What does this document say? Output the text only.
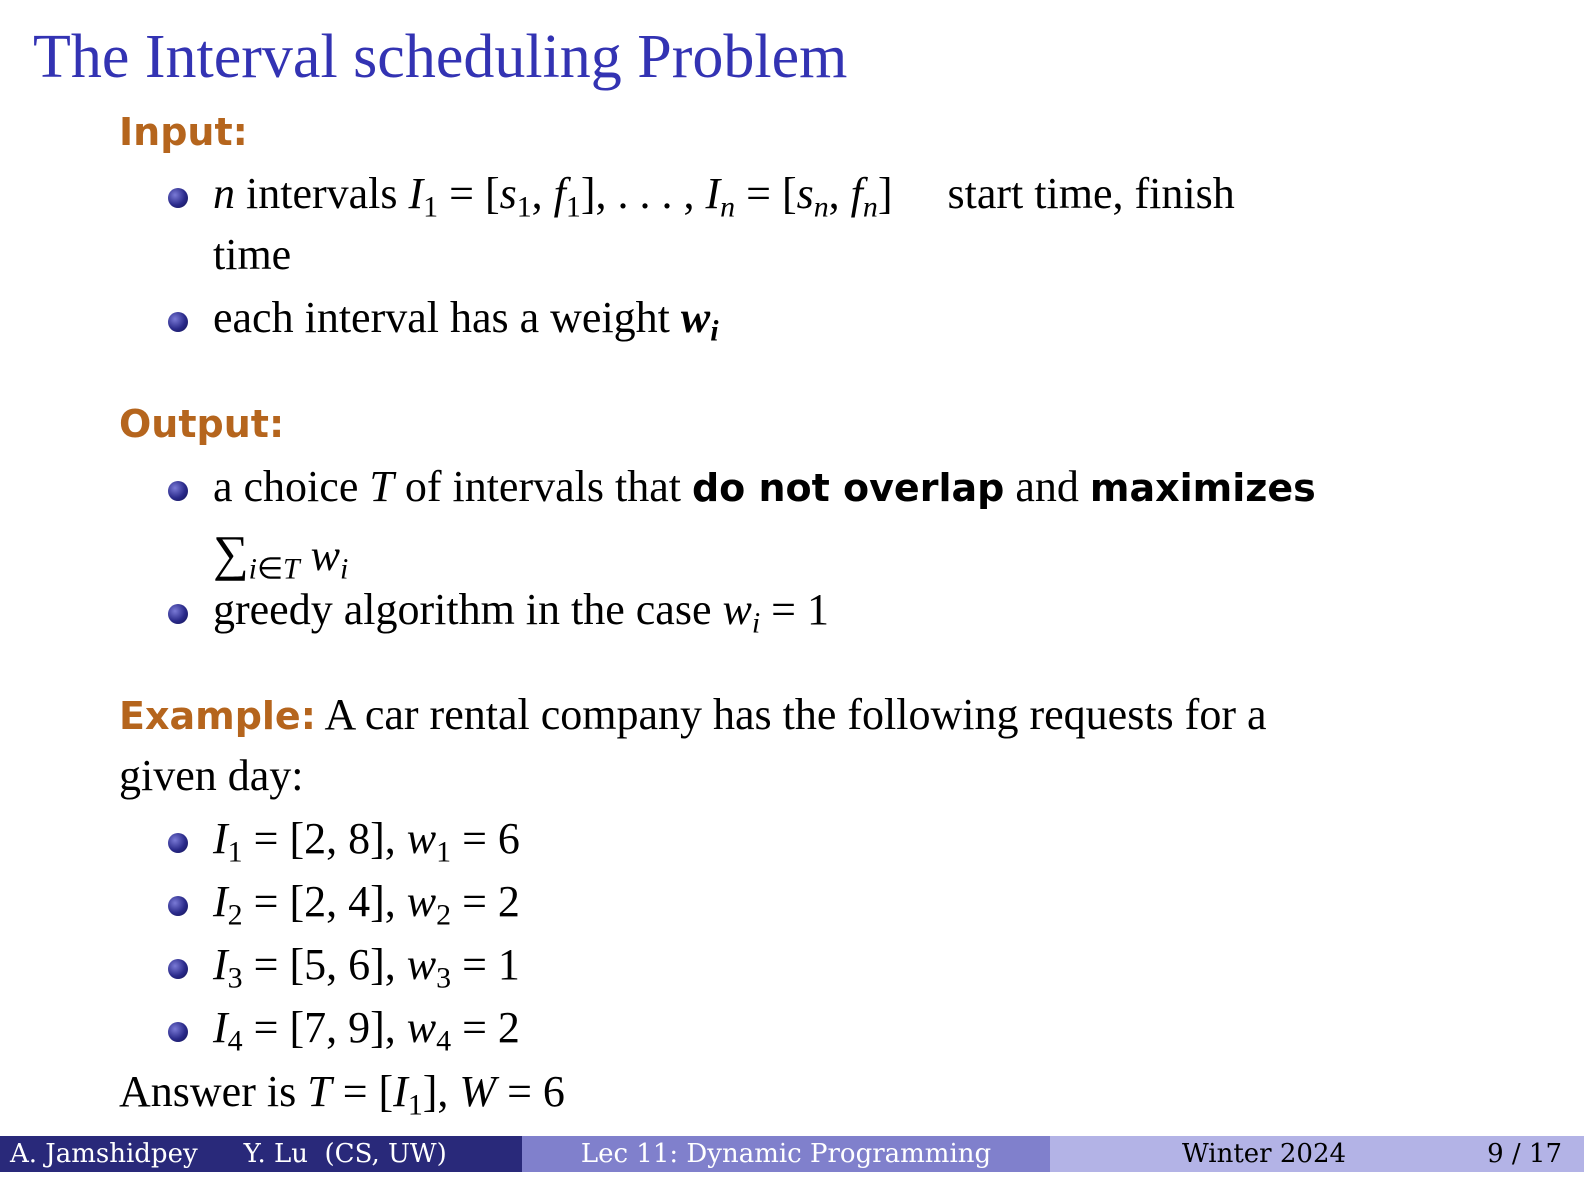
The Interval scheduling Problem
Input:
n intervals $I_1 = [s_1$, $f_1$], . . . , $I_n = [s_n$, $f_n$] start time, finish
time
each interval has a weight $w_i$
Output:
a choice T of intervals that do not overlap and maximizes
$\sum_{i\in T}$ $w_i$
greedy algorithm in the case $w_i = 1$
Example: A car rental company has the following requests for a
given day:
$I_1 = [2$, 8], $w_1 = 6$
$I_2 = [2$, 4], $w_2 = 2$
$I_3 = [5$, 6], $w_3 = 1$
$I_4 = [7$, 9], $w_4 = 2$
Answer is $T = [I_1]$, W = 6
A. Jamshidpey Y. Lu  (CS, UW)	Lec 11: Dynamic Programming	Winter 2024	9 / 17
